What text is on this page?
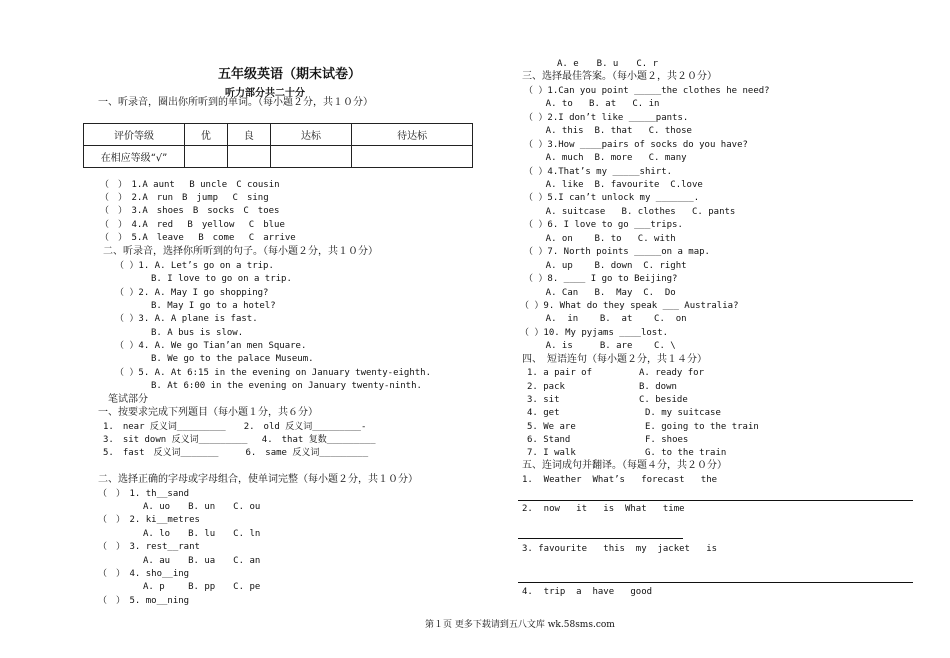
五年级英语（期末试卷）
听力部分共二十分
一、听录音，圈出你所听到的单词。（每小题２分，共１０分）
评价等级	优	良	达标	待达标
在相应等级“√”				
（　）　1.A aunt　 B uncle　C cousin
（　）　2.A　run　B　jump　 C　sing
（　）　3.A　shoes　B　socks　C　toes
（　）　4.A　red　 B　yellow　 C　blue
（　）　5.A　leave　 B　come　 C　arrive
二、听录音，选择你所听到的句子。（每小题２分，共１０分）
（ ）1. A. Let’s go on a trip.
　　　　B. I love to go on a trip.
（ ）2. A. May I go shopping?
　　　　B. May I go to a hotel?
（ ）3. A. A plane is fast.
　　　　B. A bus is slow.
（ ）4. A. We go Tian’an men Square.
　　　　B. We go to the palace Museum.
（ ）5. A. At 6:15 in the evening on January twenty-eighth.
　　　　B. At 6:00 in the evening on January twenty-ninth.
笔试部分
一、按要求完成下列题目（每小题１分，共６分）
1.　near 反义词_________　　2.　old 反义词_________-
3.　sit down 反义词_________　 4.　that 复数_________
5.　fast　反义词_______　　　6.　same 反义词_________
二、选择正确的字母或字母组合，使单词完整（每小题２分，共１０分）
（　）　1. th__sand
　　　　　A. uo　　B. un　　C. ou
（　）　2. ki__metres
　　　　　A. lo　　B. lu　　C. ln
（　）　3. rest__rant
　　　　　A. au　　B. ua　　C. an
（　）　4. sho__ing
　　　　　A. p　　 B. pp　　C. pe
（　）　5. mo__ning
A. e　　B. u　　C. r
三、选择最佳答案。（每小题２，共２０分）
（ ）1.Can you point _____the clothes he need?
A. to   B. at   C. in
（ ）2.I don’t like _____pants.
A. this  B. that   C. those
（ ）3.How ____pairs of socks do you have?
A. much  B. more   C. many
（ ）4.That’s my _____shirt.
A. like  B. favourite  C.love
（ ）5.I can’t unlock my _______.
A. suitcase   B. clothes   C. pants
（ ）6. I love to go ___trips.
A. on    B. to   C. with
（ ）7. North points _____on a map.
A. up    B. down  C. right
（ ）8. ____ I go to Beijing?
A. Can   B.  May  C.  Do
（ ）9. What do they speak ___ Australia?
A.  in    B.  at    C.  on
（ ）10. My pyjams ____lost.
A. is     B. are    C. \
四、　短语连句（每小题２分，共１４分）
1. a pair of	A. ready for
2. pack	B. down
3. sit	C. beside
4. get	D. my suitcase
5. We are	E. going to the train
6. Stand	F. shoes
7. I walk	G. to the train
五、连词成句并翻译。（每题４分，共２０分）
1.  Weather  What’s   forecast   the
2.  now   it   is  What   time
3. favourite   this  my  jacket   is
4.  trip  a  have   good
第１页 更多下载请到五八文库 wk.58sms.com
